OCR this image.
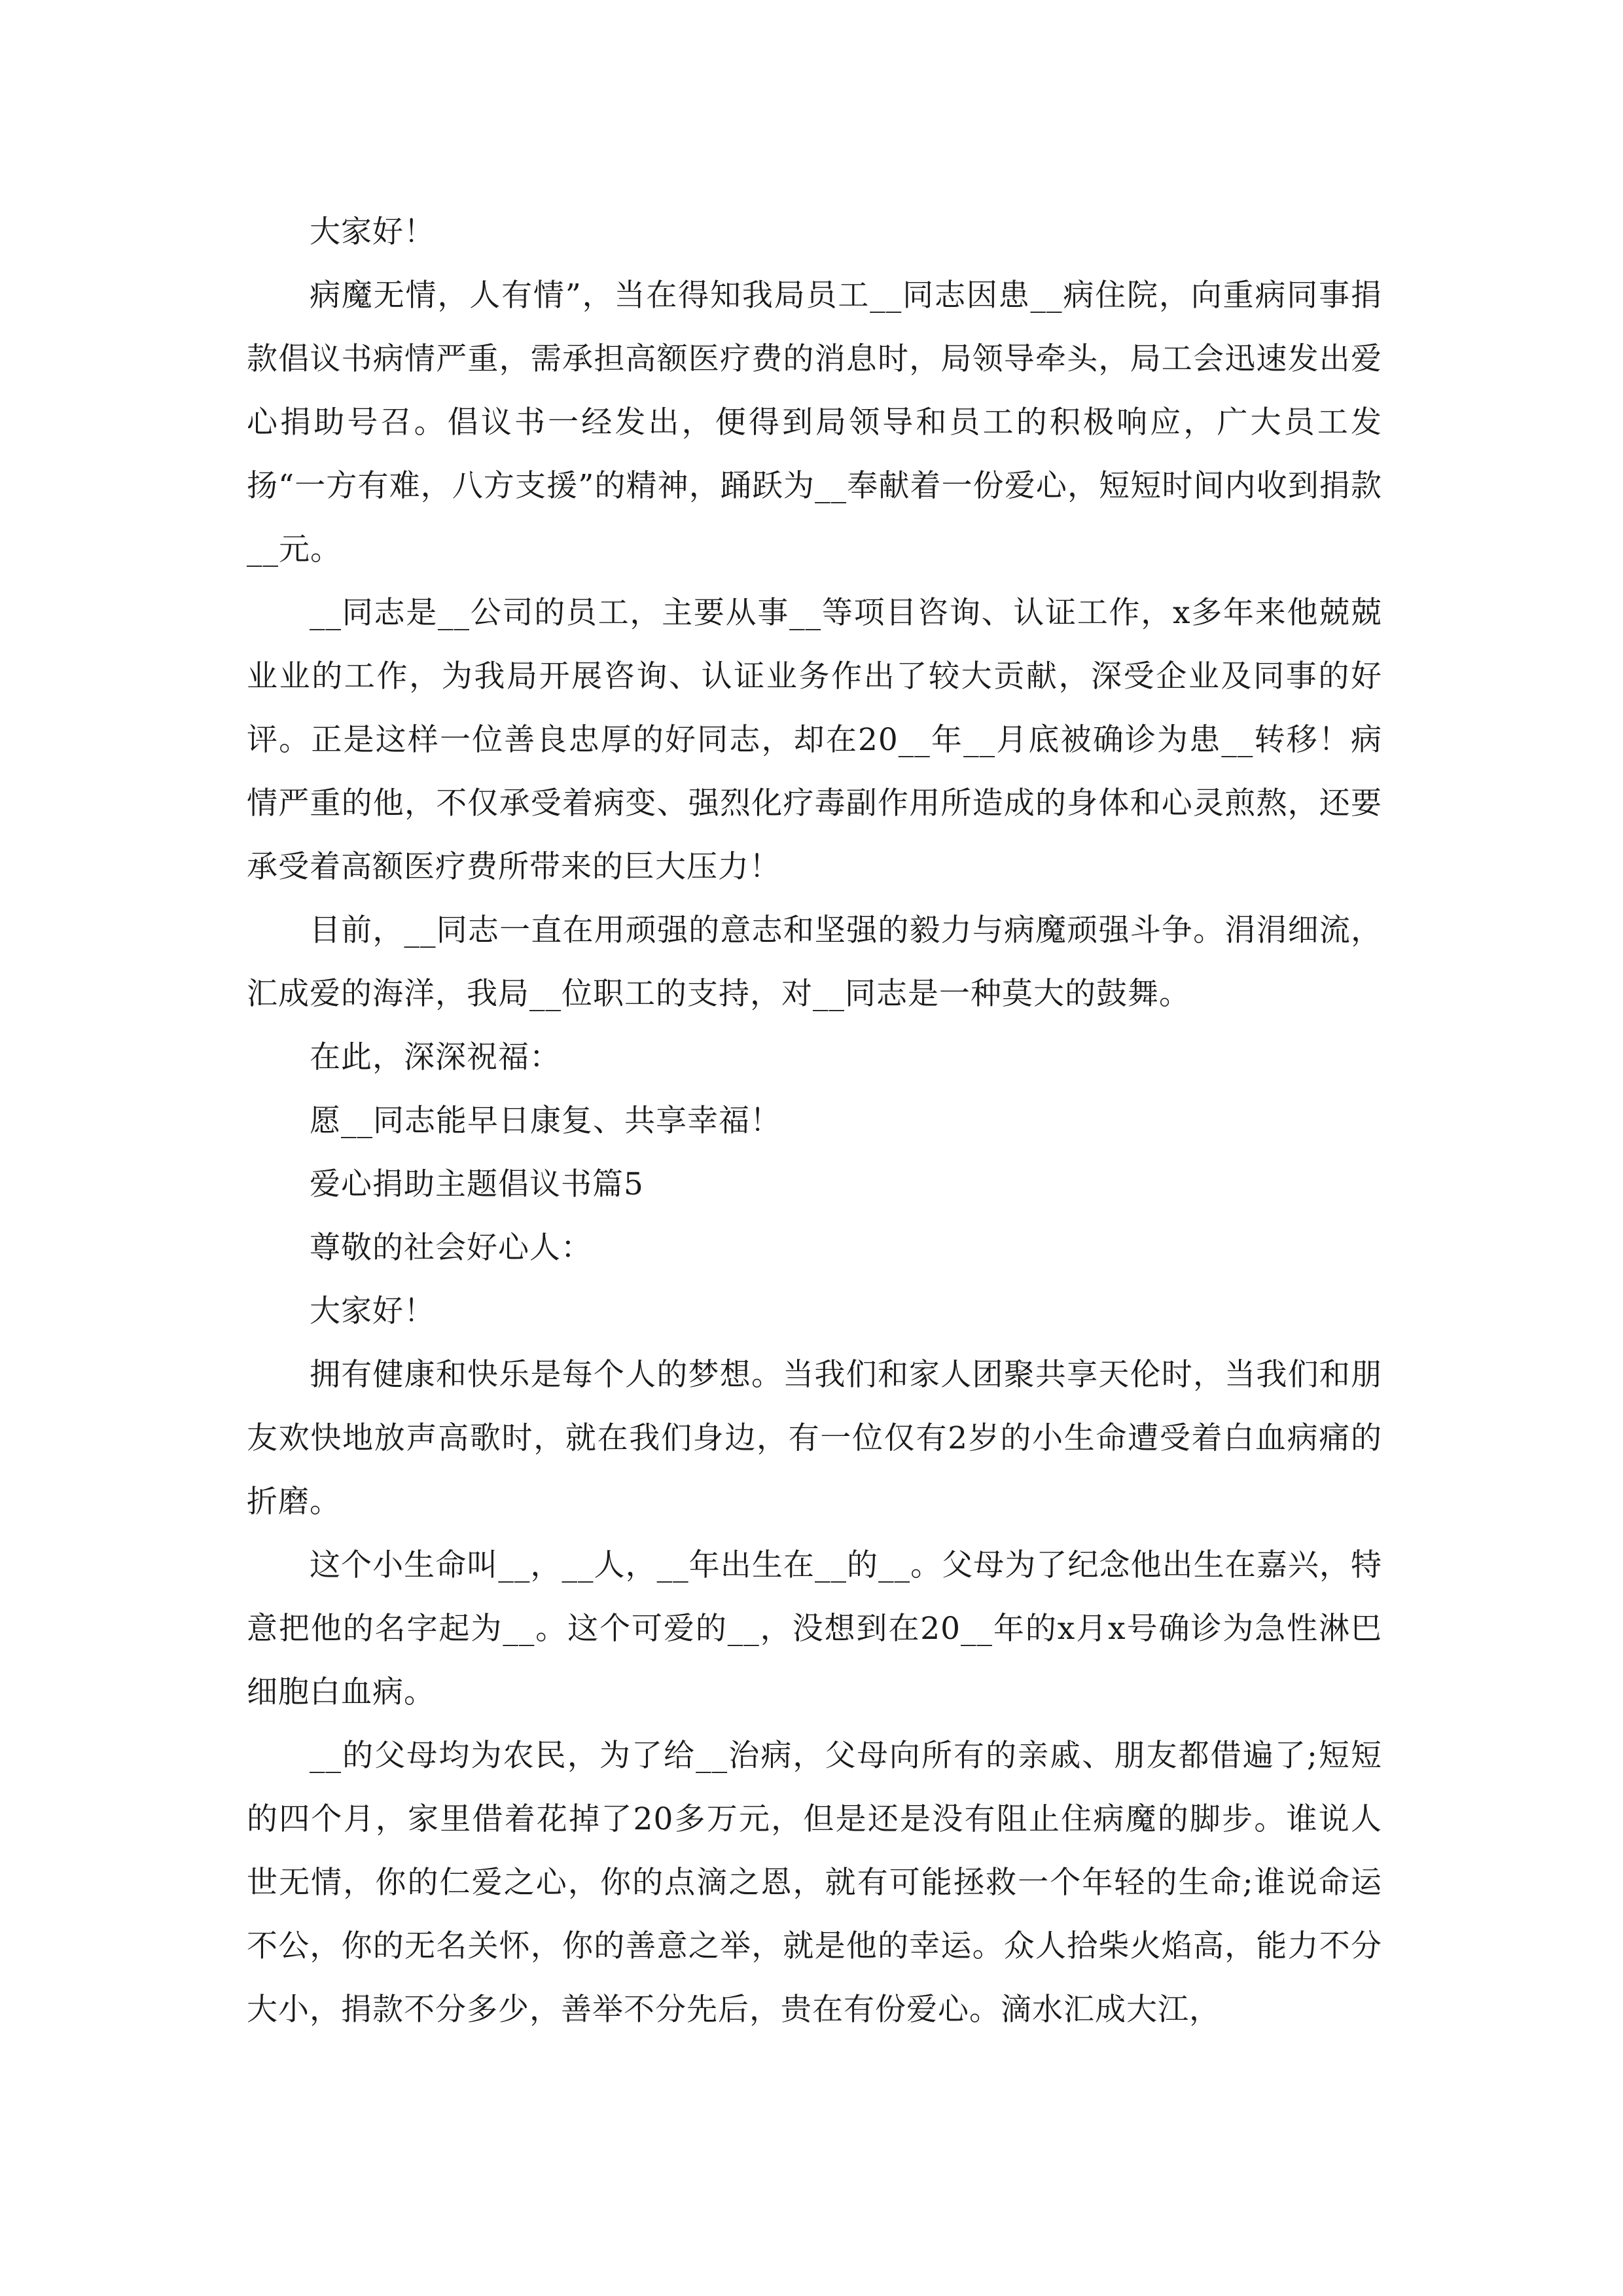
大家好！

病魔无情，人有情”，当在得知我局员工__同志因患__病住院，向重病同事捐款倡议书病情严重，需承担高额医疗费的消息时，局领导牵头，局工会迅速发出爱心捐助号召。倡议书一经发出，便得到局领导和员工的积极响应，广大员工发扬“一方有难，八方支援”的精神，踊跃为__奉献着一份爱心，短短时间内收到捐款__元。

__同志是__公司的员工，主要从事__等项目咨询、认证工作，x多年来他兢兢业业的工作，为我局开展咨询、认证业务作出了较大贡献，深受企业及同事的好评。正是这样一位善良忠厚的好同志，却在20__年__月底被确诊为患__转移！病情严重的他，不仅承受着病变、强烈化疗毒副作用所造成的身体和心灵煎熬，还要承受着高额医疗费所带来的巨大压力！

目前，__同志一直在用顽强的意志和坚强的毅力与病魔顽强斗争。涓涓细流，汇成爱的海洋，我局__位职工的支持，对__同志是一种莫大的鼓舞。

在此，深深祝福：

愿__同志能早日康复、共享幸福！

爱心捐助主题倡议书篇5

尊敬的社会好心人：

大家好！

拥有健康和快乐是每个人的梦想。当我们和家人团聚共享天伦时，当我们和朋友欢快地放声高歌时，就在我们身边，有一位仅有2岁的小生命遭受着白血病痛的折磨。

这个小生命叫__，__人，__年出生在__的__。父母为了纪念他出生在嘉兴，特意把他的名字起为__。这个可爱的__，没想到在20__年的x月x号确诊为急性淋巴细胞白血病。

__的父母均为农民，为了给__治病，父母向所有的亲戚、朋友都借遍了;短短的四个月，家里借着花掉了20多万元，但是还是没有阻止住病魔的脚步。谁说人世无情，你的仁爱之心，你的点滴之恩，就有可能拯救一个年轻的生命;谁说命运不公，你的无名关怀，你的善意之举，就是他的幸运。众人拾柴火焰高，能力不分大小，捐款不分多少，善举不分先后，贵在有份爱心。滴水汇成大江，
